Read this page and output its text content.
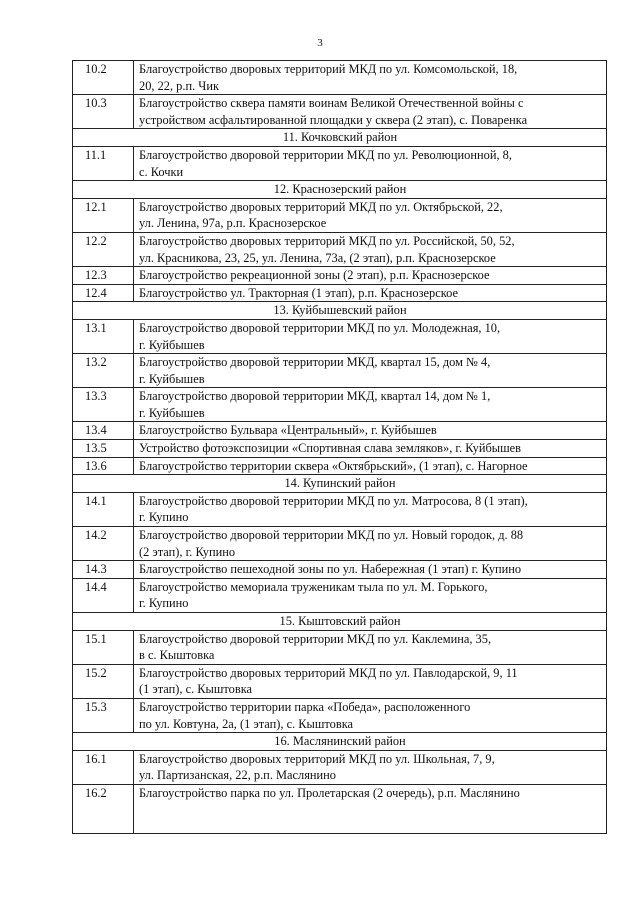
3
10.2	Благоустройство дворовых территорий МКД по ул. Комсомольской, 18,
20, 22, р.п. Чик

10.3	Благоустройство сквера памяти воинам Великой Отечественной войны с
устройством асфальтированной площадки у сквера (2 этап), с. Поваренка

11. Кочковский район	
11.1	Благоустройство дворовой территории МКД по ул. Революционной, 8,
с. Кочки

12. Краснозерский район	
12.1	Благоустройство дворовых территорий МКД по ул. Октябрьской, 22,
ул. Ленина, 97а, р.п. Краснозерское

12.2	Благоустройство дворовых территорий МКД по ул. Российской, 50, 52,
ул. Красникова, 23, 25, ул. Ленина, 73а, (2 этап), р.п. Краснозерское

12.3	Благоустройство рекреационной зоны (2 этап), р.п. Краснозерское

12.4	Благоустройство ул. Тракторная (1 этап), р.п. Краснозерское

13. Куйбышевский район	
13.1	Благоустройство дворовой территории МКД по ул. Молодежная, 10,
г. Куйбышев

13.2	Благоустройство дворовой территории МКД, квартал 15, дом № 4,
г. Куйбышев

13.3	Благоустройство дворовой территории МКД, квартал 14, дом № 1,
г. Куйбышев

13.4	Благоустройство Бульвара «Центральный», г. Куйбышев

13.5	Устройство фотоэкспозиции «Спортивная слава земляков», г. Куйбышев

13.6	Благоустройство территории сквера «Октябрьский», (1 этап), с. Нагорное

14. Купинский район	
14.1	Благоустройство дворовой территории МКД по ул. Матросова, 8 (1 этап),
г. Купино

14.2	Благоустройство дворовой территории МКД по ул. Новый городок, д. 88
(2 этап), г. Купино

14.3	Благоустройство пешеходной зоны по ул. Набережная (1 этап) г. Купино

14.4	Благоустройство мемориала труженикам тыла по ул. М. Горького,
г. Купино

15. Кыштовский район	
15.1	Благоустройство дворовой территории МКД по ул. Каклемина, 35,
в с. Кыштовка

15.2	Благоустройство дворовых территорий МКД по ул. Павлодарской, 9, 11
(1 этап), с. Кыштовка

15.3	Благоустройство территории парка «Победа», расположенного
по ул. Ковтуна, 2а, (1 этап), с. Кыштовка

16. Маслянинский район	
16.1	Благоустройство дворовых территорий МКД по ул. Школьная, 7, 9,
ул. Партизанская, 22, р.п. Маслянино

16.2	Благоустройство парка по ул. Пролетарская (2 очередь), р.п. Маслянино
